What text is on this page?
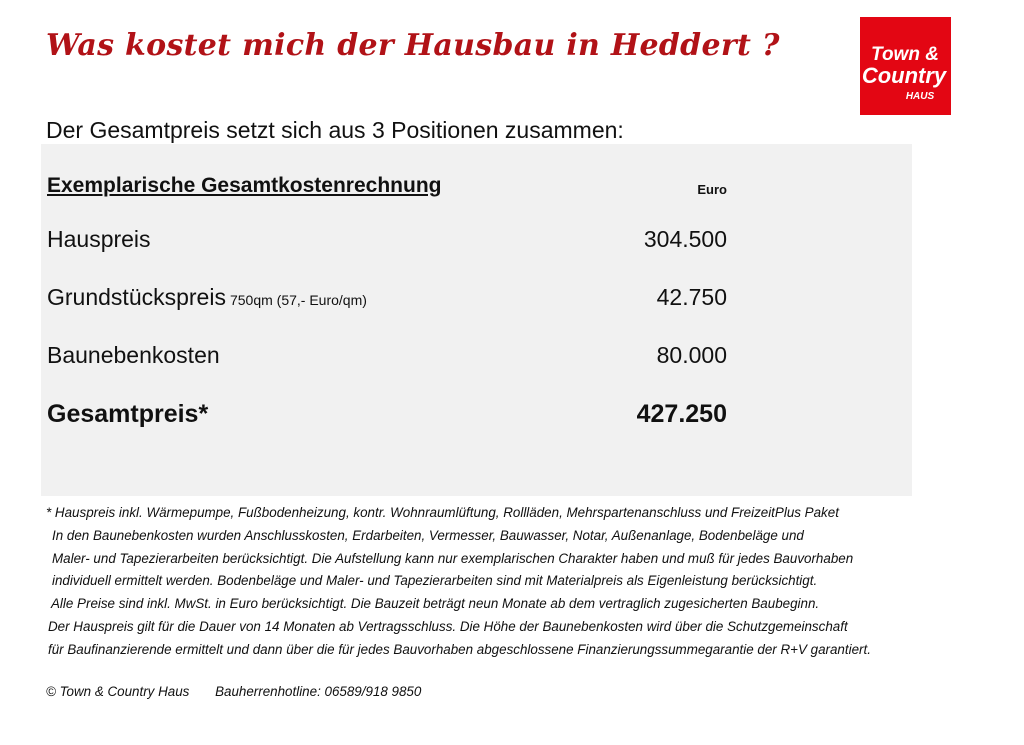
Was kostet mich der Hausbau in Heddert ?	Town &
Country
HAUS
Der Gesamtpreis setzt sich aus 3 Positionen zusammen:
Exemplarische Gesamtkostenrechnung	Euro
Hauspreis	304.500
Grundstückspreis 750qm (57,- Euro/qm)	42.750
Baunebenkosten	80.000
Gesamtpreis*	427.250
* Hauspreis inkl. Wärmepumpe, Fußbodenheizung, kontr. Wohnraumlüftung, Rollläden, Mehrspartenanschluss und FreizeitPlus Paket
In den Baunebenkosten wurden Anschlusskosten, Erdarbeiten, Vermesser, Bauwasser, Notar, Außenanlage, Bodenbeläge und
Maler- und Tapezierarbeiten berücksichtigt. Die Aufstellung kann nur exemplarischen Charakter haben und muß für jedes Bauvorhaben
individuell ermittelt werden. Bodenbeläge und Maler- und Tapezierarbeiten sind mit Materialpreis als Eigenleistung berücksichtigt.
Alle Preise sind inkl. MwSt. in Euro berücksichtigt. Die Bauzeit beträgt neun Monate ab dem vertraglich zugesicherten Baubeginn.
Der Hauspreis gilt für die Dauer von 14 Monaten ab Vertragsschluss. Die Höhe der Baunebenkosten wird über die Schutzgemeinschaft
für Baufinanzierende ermittelt und dann über die für jedes Bauvorhaben abgeschlossene Finanzierungssummegarantie der R+V garantiert.
© Town & Country Haus Bauherrenhotline: 06589/918 9850
